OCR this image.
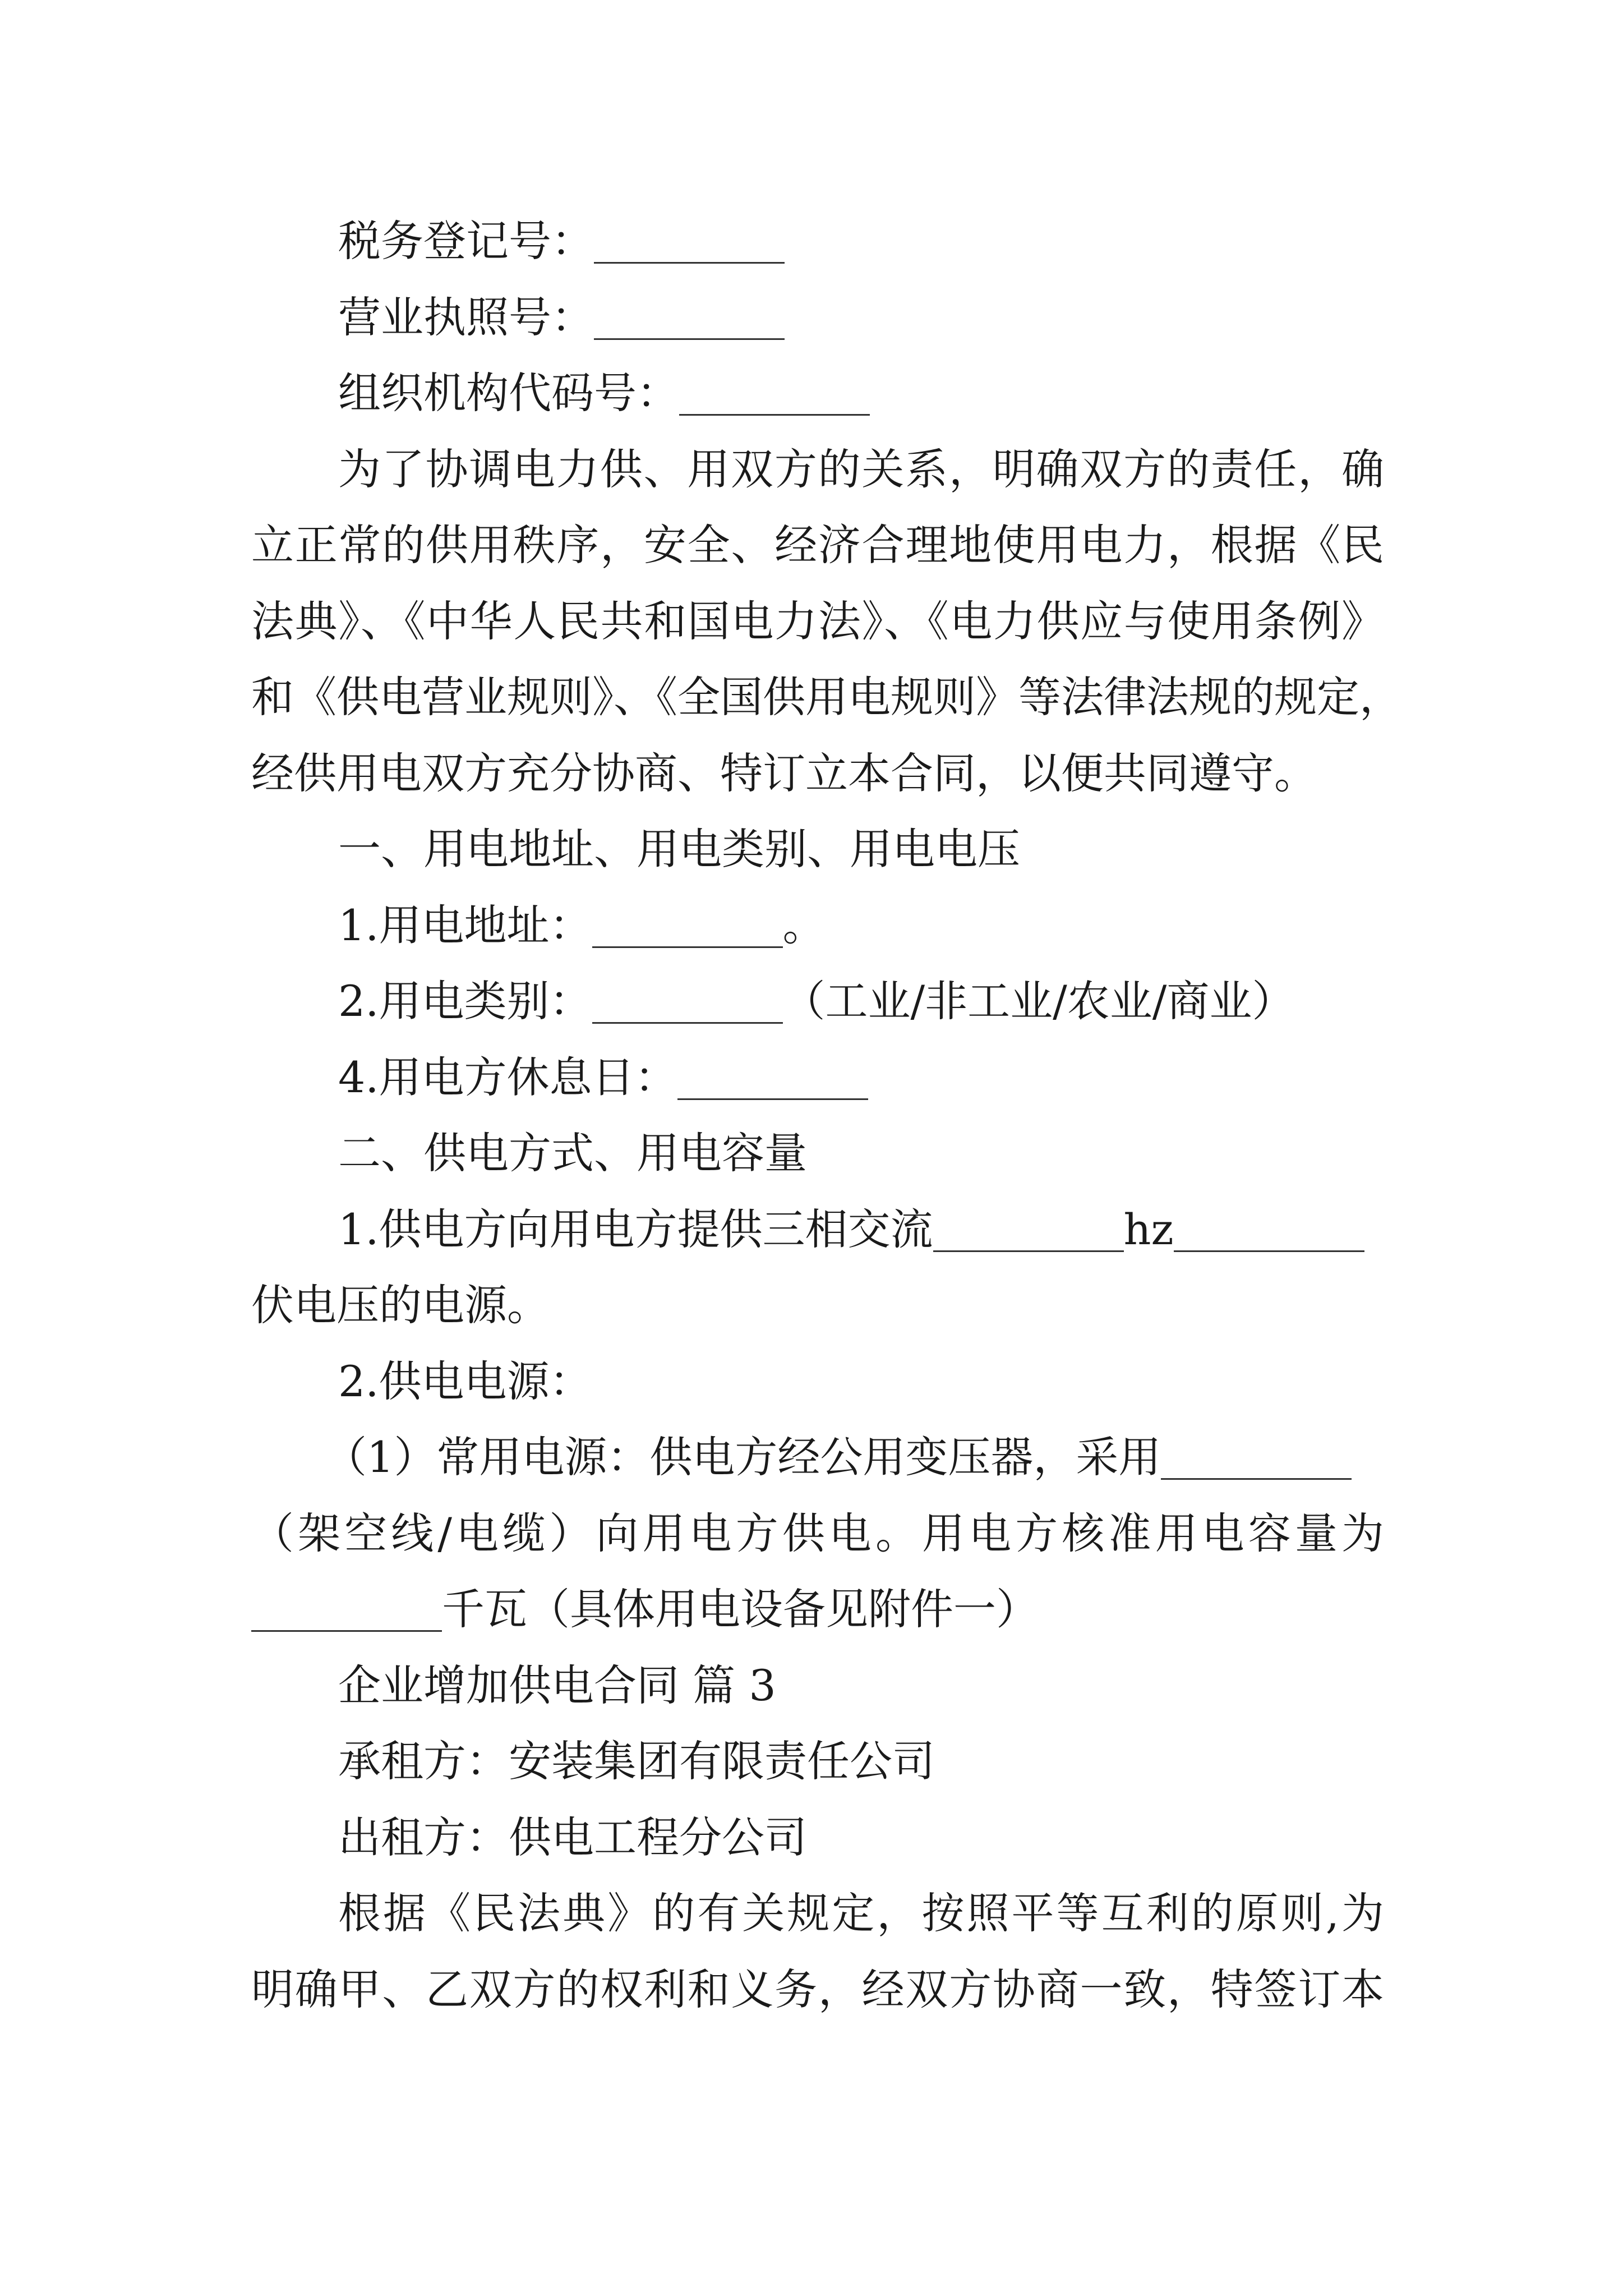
税务登记号：
营业执照号：
组织机构代码号：
为了协调电力供、用双方的关系，明确双方的责任，确
立正常的供用秩序，安全、经济合理地使用电力，根据《民
法典》、《中华人民共和国电力法》、《电力供应与使用条例》
和《供电营业规则》、《全国供用电规则》等法律法规的规定，
经供用电双方充分协商、特订立本合同，以便共同遵守。
一、用电地址、用电类别、用电电压
1.用电地址：	。
2.用电类别：	（工业/非工业/农业/商业）
4.用电方休息日：
二、供电方式、用电容量
1.供电方向用电方提供三相交流	hz
伏电压的电源。
2.供电电源：
（1）常用电源：供电方经公用变压器，采用
（架空线/电缆）向用电方供电。用电方核准用电容量为
千瓦（具体用电设备见附件一）
企业增加供电合同 篇 3
承租方：安装集团有限责任公司
出租方：供电工程分公司
根据《民法典》的有关规定，按照平等互利的原则,为
明确甲、乙双方的权利和义务，经双方协商一致，特签订本
